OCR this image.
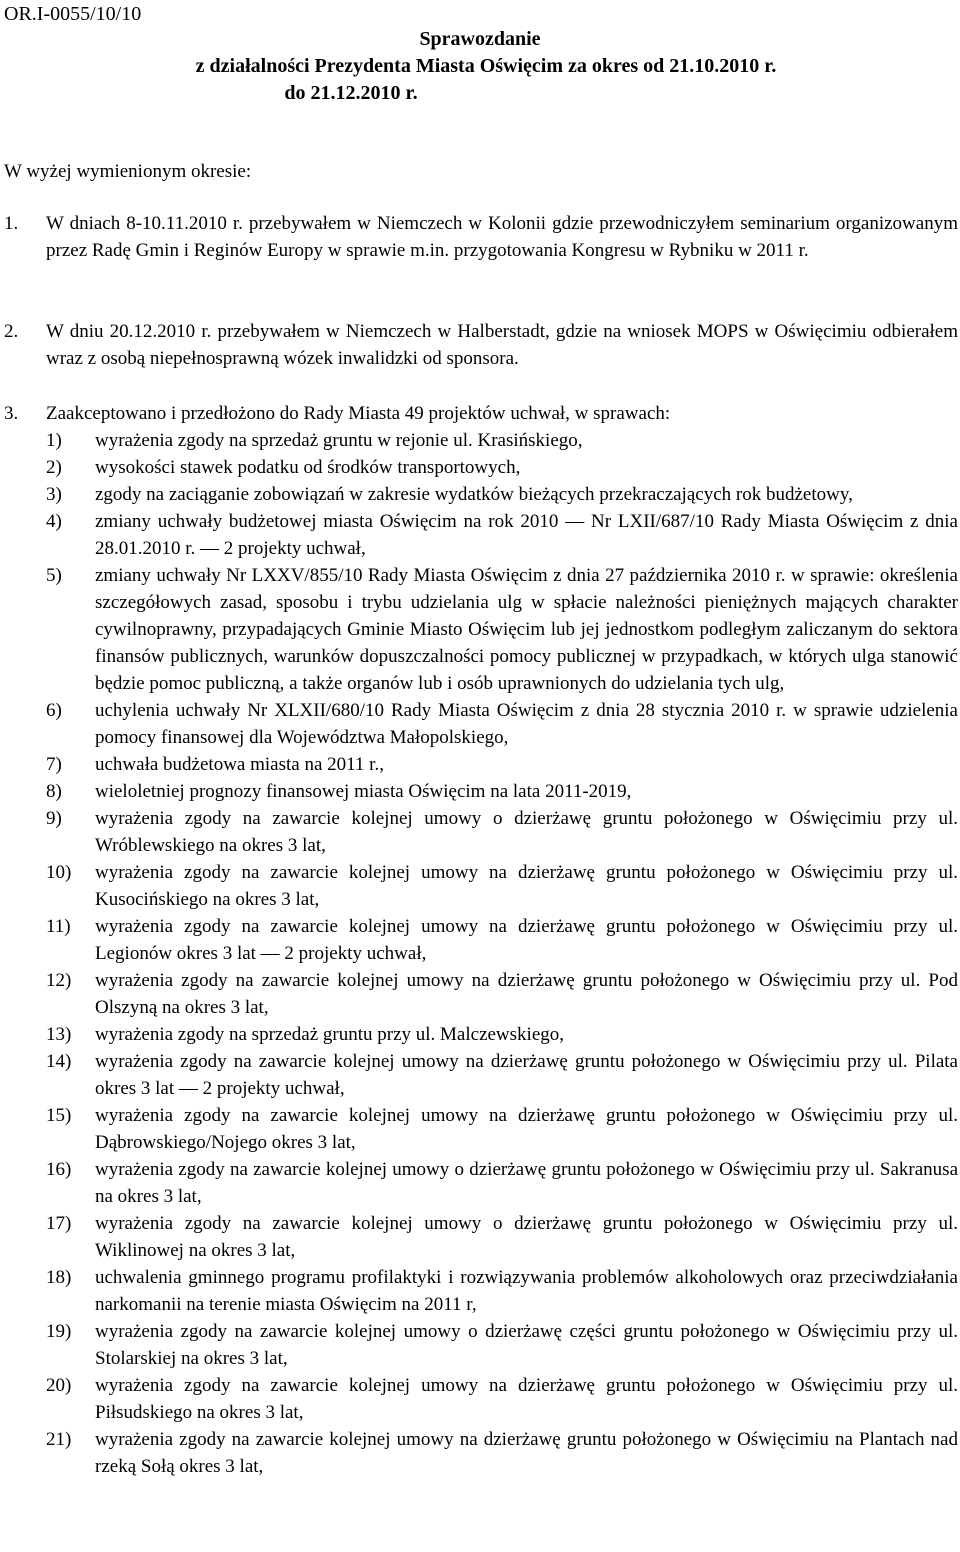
OR.I-0055/10/10
Sprawozdanie
z działalności Prezydenta Miasta Oświęcim za okres od 21.10.2010 r.
do 21.12.2010 r.
W wyżej wymienionym okresie:
1. W dniach 8-10.11.2010 r. przebywałem w Niemczech w Kolonii gdzie przewodniczyłem seminarium organizowanym przez Radę Gmin i Reginów Europy w sprawie m.in. przygotowania Kongresu w Rybniku w 2011 r.
2. W dniu 20.12.2010 r. przebywałem w Niemczech w Halberstadt, gdzie na wniosek MOPS w Oświęcimiu odbierałem wraz z osobą niepełnosprawną wózek inwalidzki od sponsora.
3. Zaakceptowano i przedłożono do Rady Miasta 49 projektów uchwał, w sprawach:
1) wyrażenia zgody na sprzedaż gruntu w rejonie ul. Krasińskiego,
2) wysokości stawek podatku od środków transportowych,
3) zgody na zaciąganie zobowiązań w zakresie wydatków bieżących przekraczających rok budżetowy,
4) zmiany uchwały budżetowej miasta Oświęcim na rok 2010 — Nr LXII/687/10 Rady Miasta Oświęcim z dnia 28.01.2010 r. — 2 projekty uchwał,
5) zmiany uchwały Nr LXXV/855/10 Rady Miasta Oświęcim z dnia 27 października 2010 r. w sprawie: określenia szczegółowych zasad, sposobu i trybu udzielania ulg w spłacie należności pieniężnych mających charakter cywilnoprawny, przypadających Gminie Miasto Oświęcim lub jej jednostkom podległym zaliczanym do sektora finansów publicznych, warunków dopuszczalności pomocy publicznej w przypadkach, w których ulga stanowić będzie pomoc publiczną, a także organów lub i osób uprawnionych do udzielania tych ulg,
6) uchylenia uchwały Nr XLXII/680/10 Rady Miasta Oświęcim z dnia 28 stycznia 2010 r. w sprawie udzielenia pomocy finansowej dla Województwa Małopolskiego,
7) uchwała budżetowa miasta na 2011 r.,
8) wieloletniej prognozy finansowej miasta Oświęcim na lata 2011-2019,
9) wyrażenia zgody na zawarcie kolejnej umowy o dzierżawę gruntu położonego w Oświęcimiu przy ul. Wróblewskiego na okres 3 lat,
10) wyrażenia zgody na zawarcie kolejnej umowy na dzierżawę gruntu położonego w Oświęcimiu przy ul. Kusocińskiego na okres 3 lat,
11) wyrażenia zgody na zawarcie kolejnej umowy na dzierżawę gruntu położonego w Oświęcimiu przy ul. Legionów okres 3 lat — 2 projekty uchwał,
12) wyrażenia zgody na zawarcie kolejnej umowy na dzierżawę gruntu położonego w Oświęcimiu przy ul. Pod Olszyną na okres 3 lat,
13) wyrażenia zgody na sprzedaż gruntu przy ul. Malczewskiego,
14) wyrażenia zgody na zawarcie kolejnej umowy na dzierżawę gruntu położonego w Oświęcimiu przy ul. Pilata okres 3 lat — 2 projekty uchwał,
15) wyrażenia zgody na zawarcie kolejnej umowy na dzierżawę gruntu położonego w Oświęcimiu przy ul. Dąbrowskiego/Nojego okres 3 lat,
16) wyrażenia zgody na zawarcie kolejnej umowy o dzierżawę gruntu położonego w Oświęcimiu przy ul. Sakranusa na okres 3 lat,
17) wyrażenia zgody na zawarcie kolejnej umowy o dzierżawę gruntu położonego w Oświęcimiu przy ul. Wiklinowej na okres 3 lat,
18) uchwalenia gminnego programu profilaktyki i rozwiązywania problemów alkoholowych oraz przeciwdziałania narkomanii na terenie miasta Oświęcim na 2011 r,
19) wyrażenia zgody na zawarcie kolejnej umowy o dzierżawę części gruntu położonego w Oświęcimiu przy ul. Stolarskiej na okres 3 lat,
20) wyrażenia zgody na zawarcie kolejnej umowy na dzierżawę gruntu położonego w Oświęcimiu przy ul. Piłsudskiego na okres 3 lat,
21) wyrażenia zgody na zawarcie kolejnej umowy na dzierżawę gruntu położonego w Oświęcimiu na Plantach nad rzeką Sołą okres 3 lat,
